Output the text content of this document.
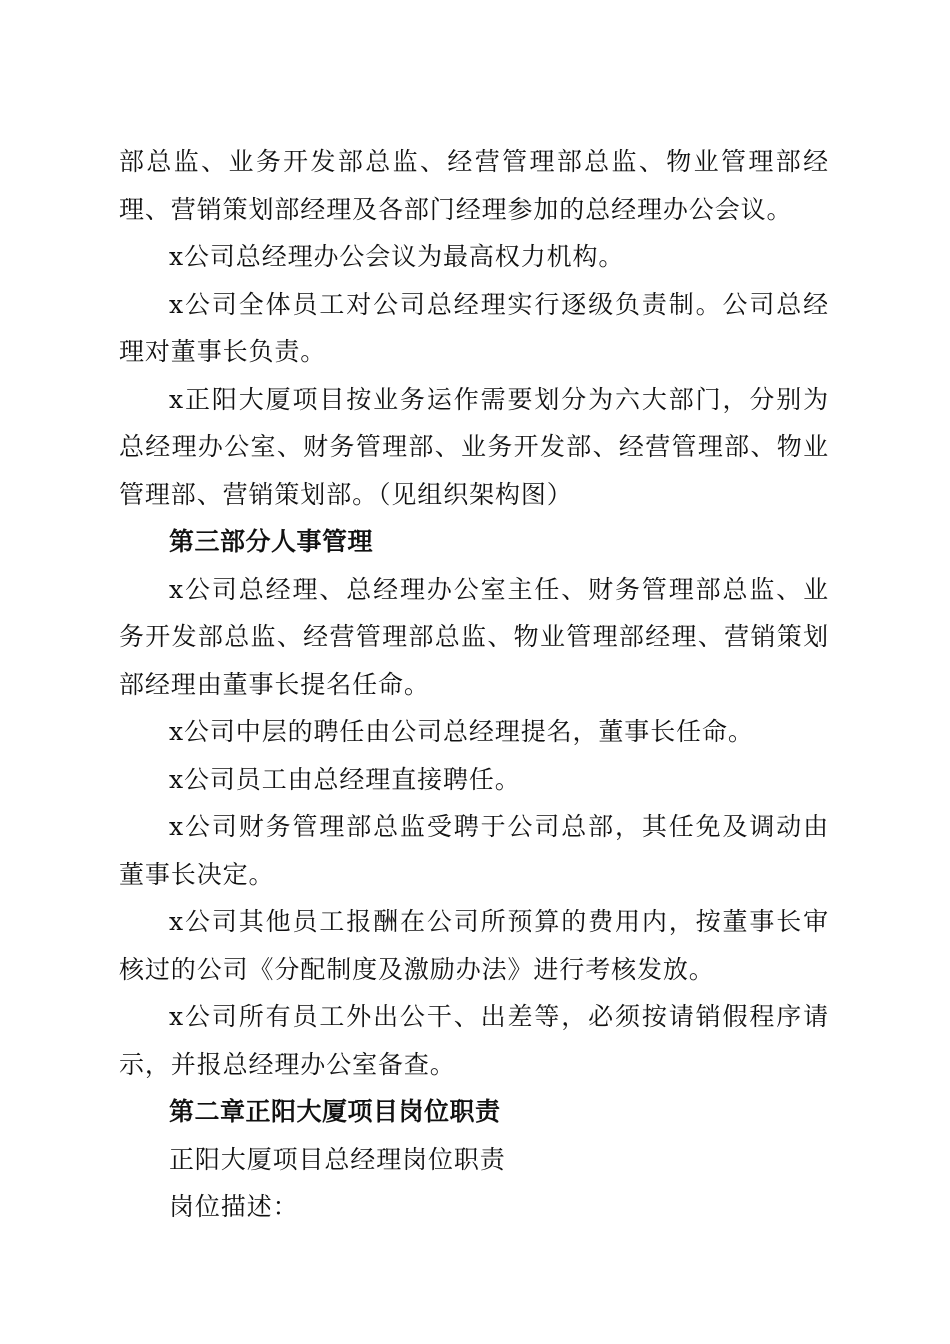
部总监、业务开发部总监、经营管理部总监、物业管理部经理、营销策划部经理及各部门经理参加的总经理办公会议。

x公司总经理办公会议为最高权力机构。

x公司全体员工对公司总经理实行逐级负责制。公司总经理对董事长负责。

x正阳大厦项目按业务运作需要划分为六大部门，分别为总经理办公室、财务管理部、业务开发部、经营管理部、物业管理部、营销策划部。（见组织架构图）

第三部分人事管理

x公司总经理、总经理办公室主任、财务管理部总监、业务开发部总监、经营管理部总监、物业管理部经理、营销策划部经理由董事长提名任命。

x公司中层的聘任由公司总经理提名，董事长任命。

x公司员工由总经理直接聘任。

x公司财务管理部总监受聘于公司总部，其任免及调动由董事长决定。

x公司其他员工报酬在公司所预算的费用内，按董事长审核过的公司《分配制度及激励办法》进行考核发放。

x公司所有员工外出公干、出差等，必须按请销假程序请示，并报总经理办公室备查。

第二章正阳大厦项目岗位职责

正阳大厦项目总经理岗位职责

岗位描述：
